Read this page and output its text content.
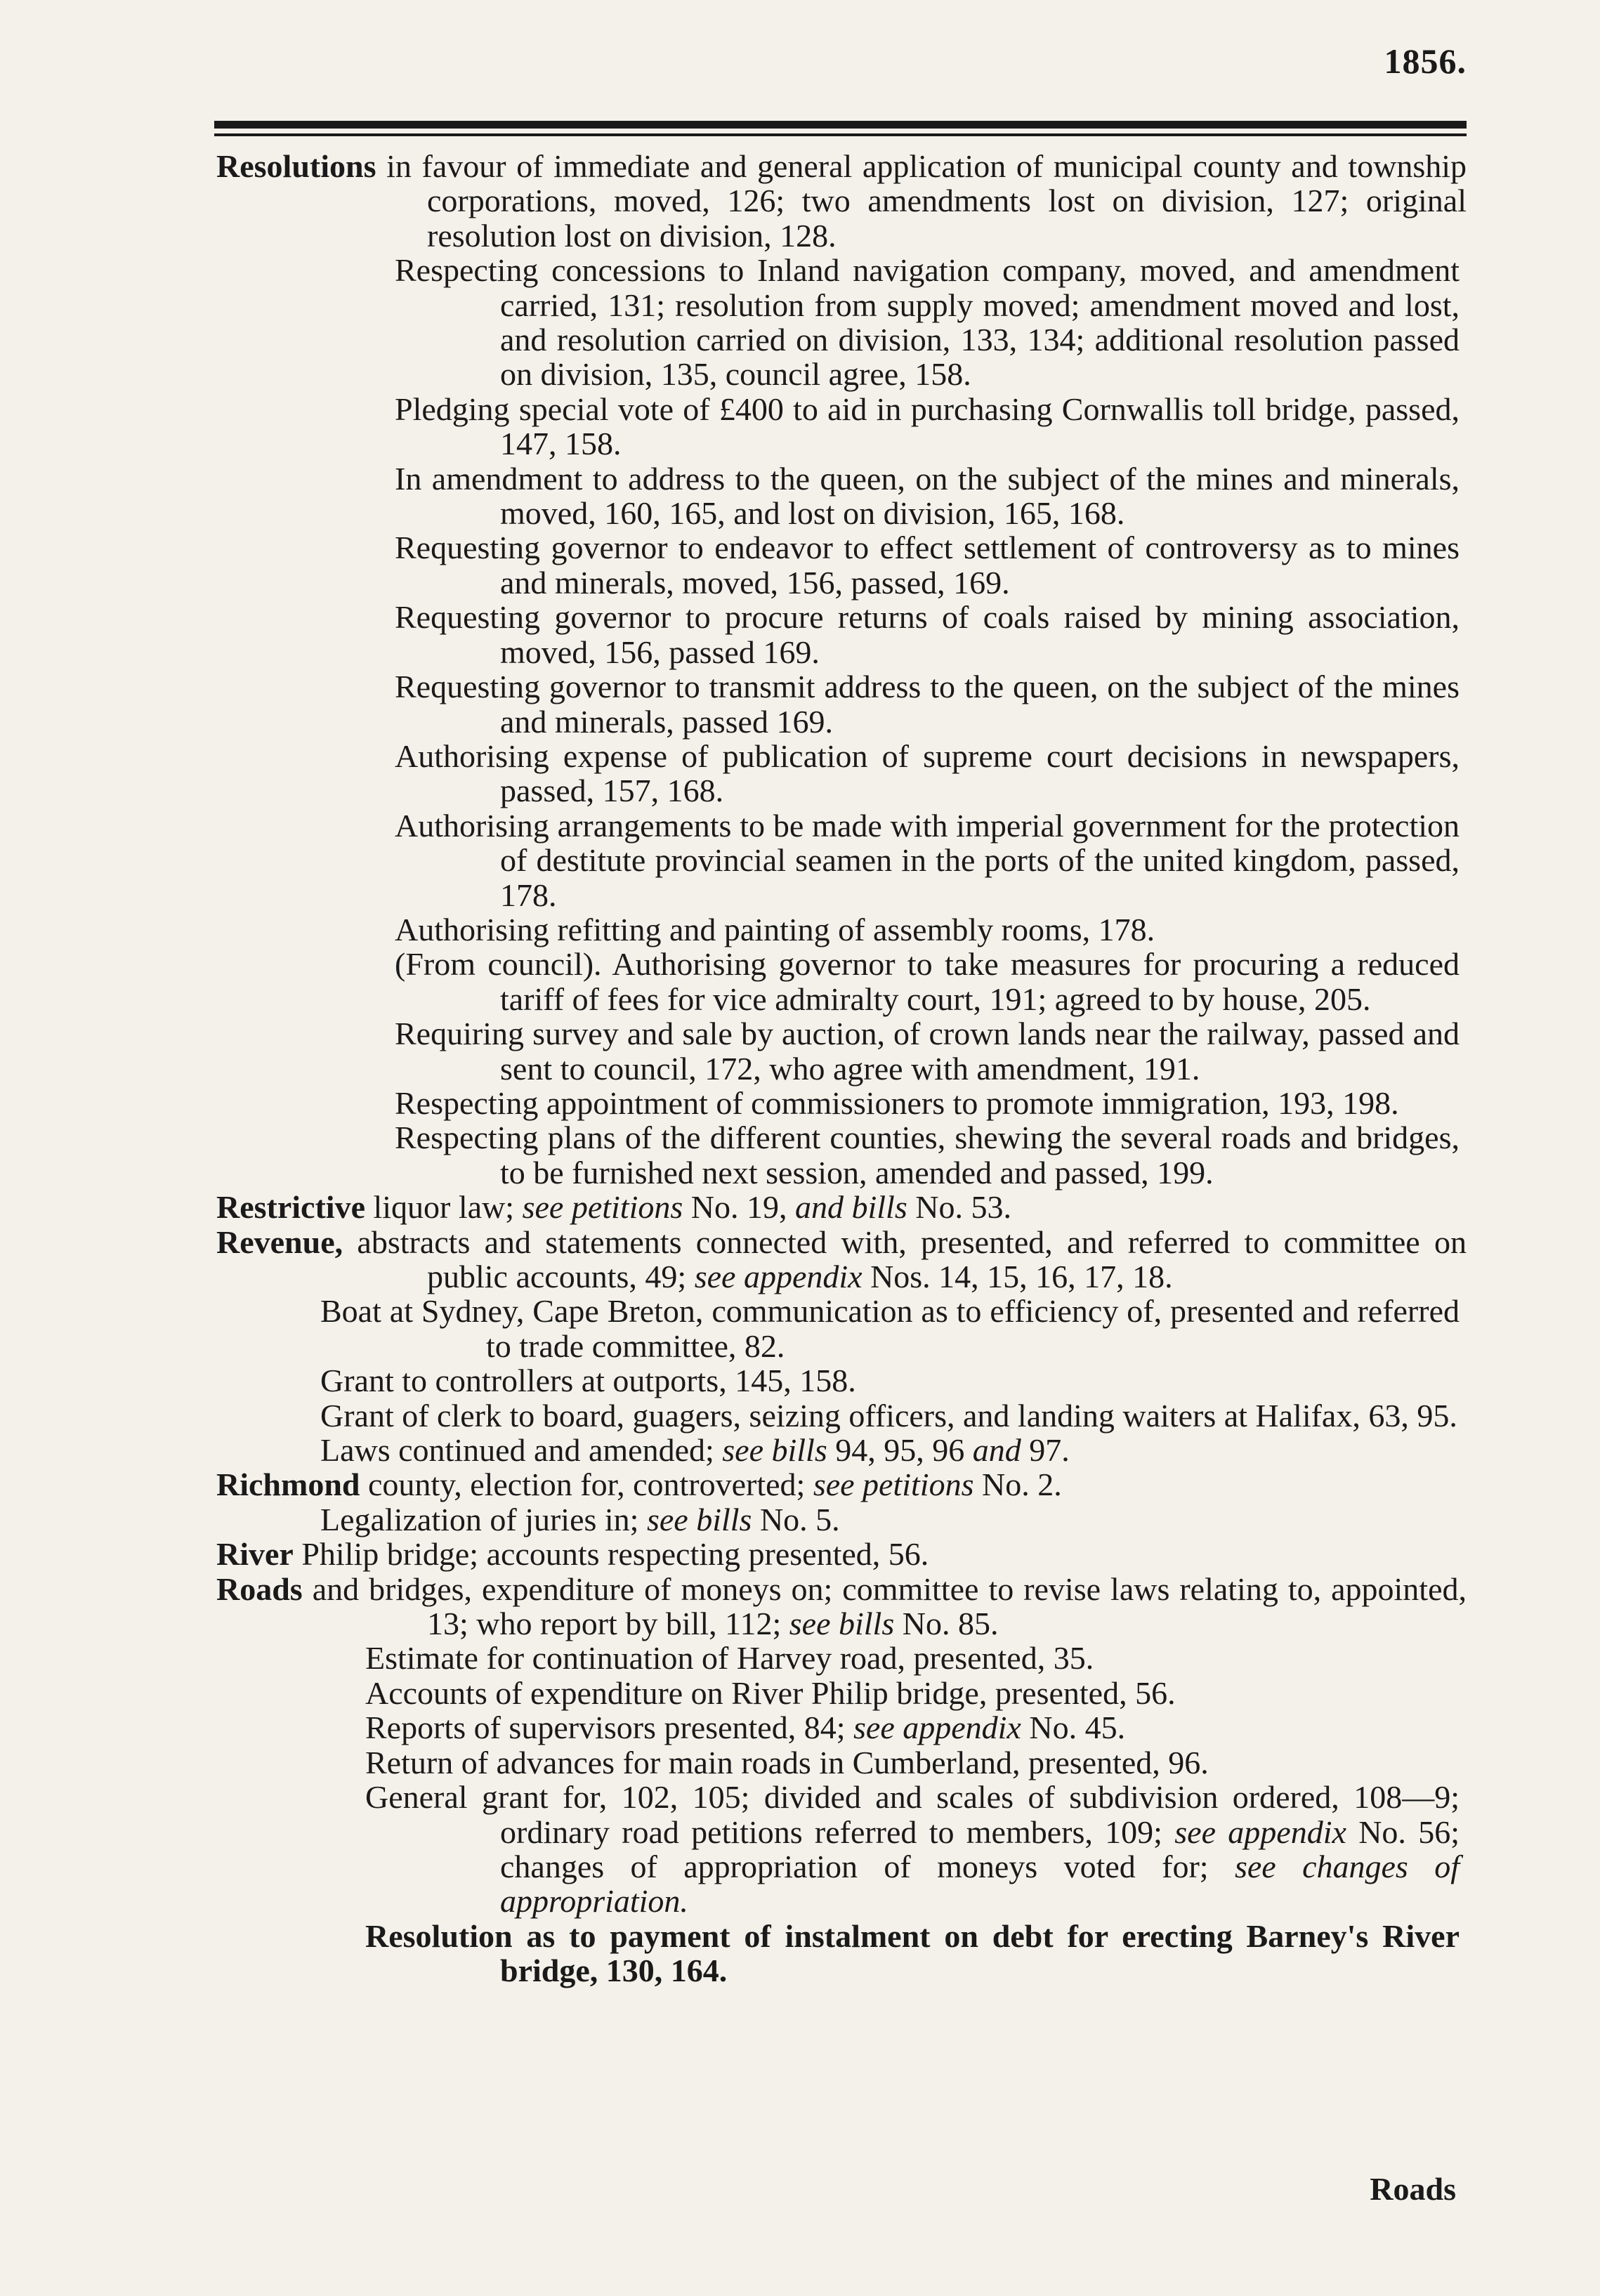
1856.

Resolutions in favour of immediate and general application of municipal county and township corporations, moved, 126; two amendments lost on division, 127; original resolution lost on division, 128.

Respecting concessions to Inland navigation company, moved, and amendment carried, 131; resolution from supply moved; amendment moved and lost, and resolution carried on division, 133, 134; additional resolution passed on division, 135, council agree, 158.

Pledging special vote of £400 to aid in purchasing Cornwallis toll bridge, passed, 147, 158.

In amendment to address to the queen, on the subject of the mines and minerals, moved, 160, 165, and lost on division, 165, 168.

Requesting governor to endeavor to effect settlement of controversy as to mines and minerals, moved, 156, passed, 169.

Requesting governor to procure returns of coals raised by mining association, moved, 156, passed 169.

Requesting governor to transmit address to the queen, on the subject of the mines and minerals, passed 169.

Authorising expense of publication of supreme court decisions in newspapers, passed, 157, 168.

Authorising arrangements to be made with imperial government for the protection of destitute provincial seamen in the ports of the united kingdom, passed, 178.

Authorising refitting and painting of assembly rooms, 178.

(From council). Authorising governor to take measures for procuring a reduced tariff of fees for vice admiralty court, 191; agreed to by house, 205.

Requiring survey and sale by auction, of crown lands near the railway, passed and sent to council, 172, who agree with amendment, 191.

Respecting appointment of commissioners to promote immigration, 193, 198.

Respecting plans of the different counties, shewing the several roads and bridges, to be furnished next session, amended and passed, 199.

Restrictive liquor law; see petitions No. 19, and bills No. 53.

Revenue, abstracts and statements connected with, presented, and referred to committee on public accounts, 49; see appendix Nos. 14, 15, 16, 17, 18.

Boat at Sydney, Cape Breton, communication as to efficiency of, presented and referred to trade committee, 82.

Grant to controllers at outports, 145, 158.

Grant of clerk to board, guagers, seizing officers, and landing waiters at Halifax, 63, 95.

Laws continued and amended; see bills 94, 95, 96 and 97.

Richmond county, election for, controverted; see petitions No. 2.

Legalization of juries in; see bills No. 5.

River Philip bridge; accounts respecting presented, 56.

Roads and bridges, expenditure of moneys on; committee to revise laws relating to, appointed, 13; who report by bill, 112; see bills No. 85.

Estimate for continuation of Harvey road, presented, 35.

Accounts of expenditure on River Philip bridge, presented, 56.

Reports of supervisors presented, 84; see appendix No. 45.

Return of advances for main roads in Cumberland, presented, 96.

General grant for, 102, 105; divided and scales of subdivision ordered, 108—9; ordinary road petitions referred to members, 109; see appendix No. 56; changes of appropriation of moneys voted for; see changes of appropriation.

Resolution as to payment of instalment on debt for erecting Barney's River bridge, 130, 164.

Roads
